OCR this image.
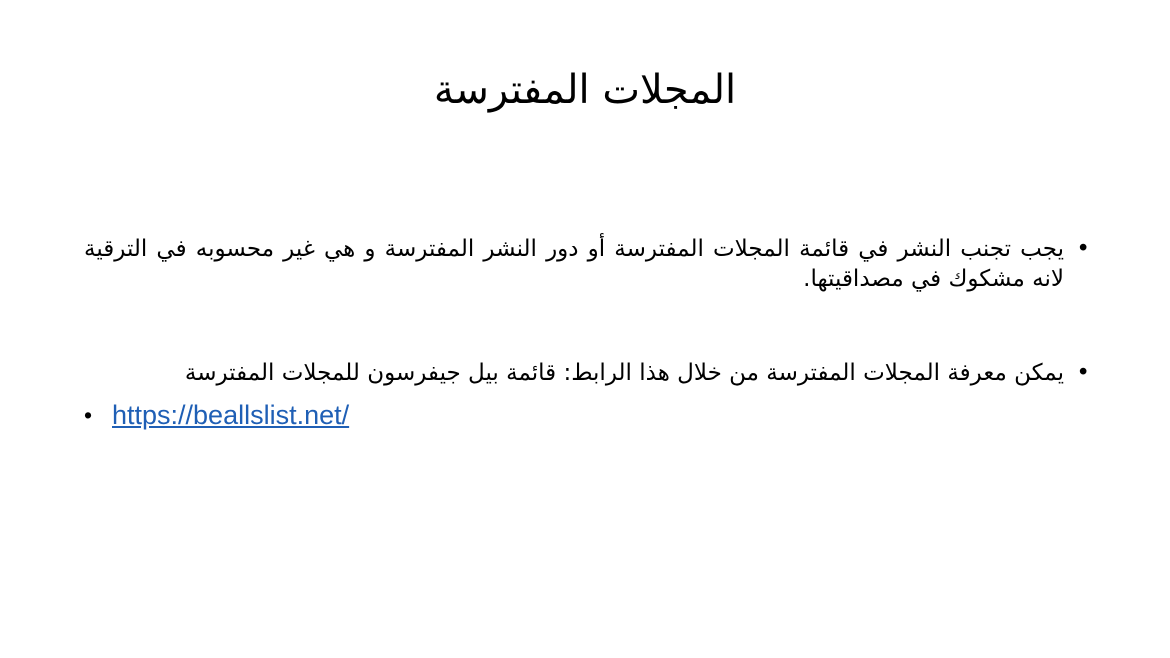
المجلات المفترسة
•
يجب تجنب النشر في قائمة المجلات المفترسة أو دور النشر المفترسة و هي غير محسوبه في الترقية لانه مشكوك في مصداقيتها.
•
يمكن معرفة المجلات المفترسة من خلال هذا الرابط: قائمة بيل جيفرسون للمجلات المفترسة
• https://beallslist.net/
